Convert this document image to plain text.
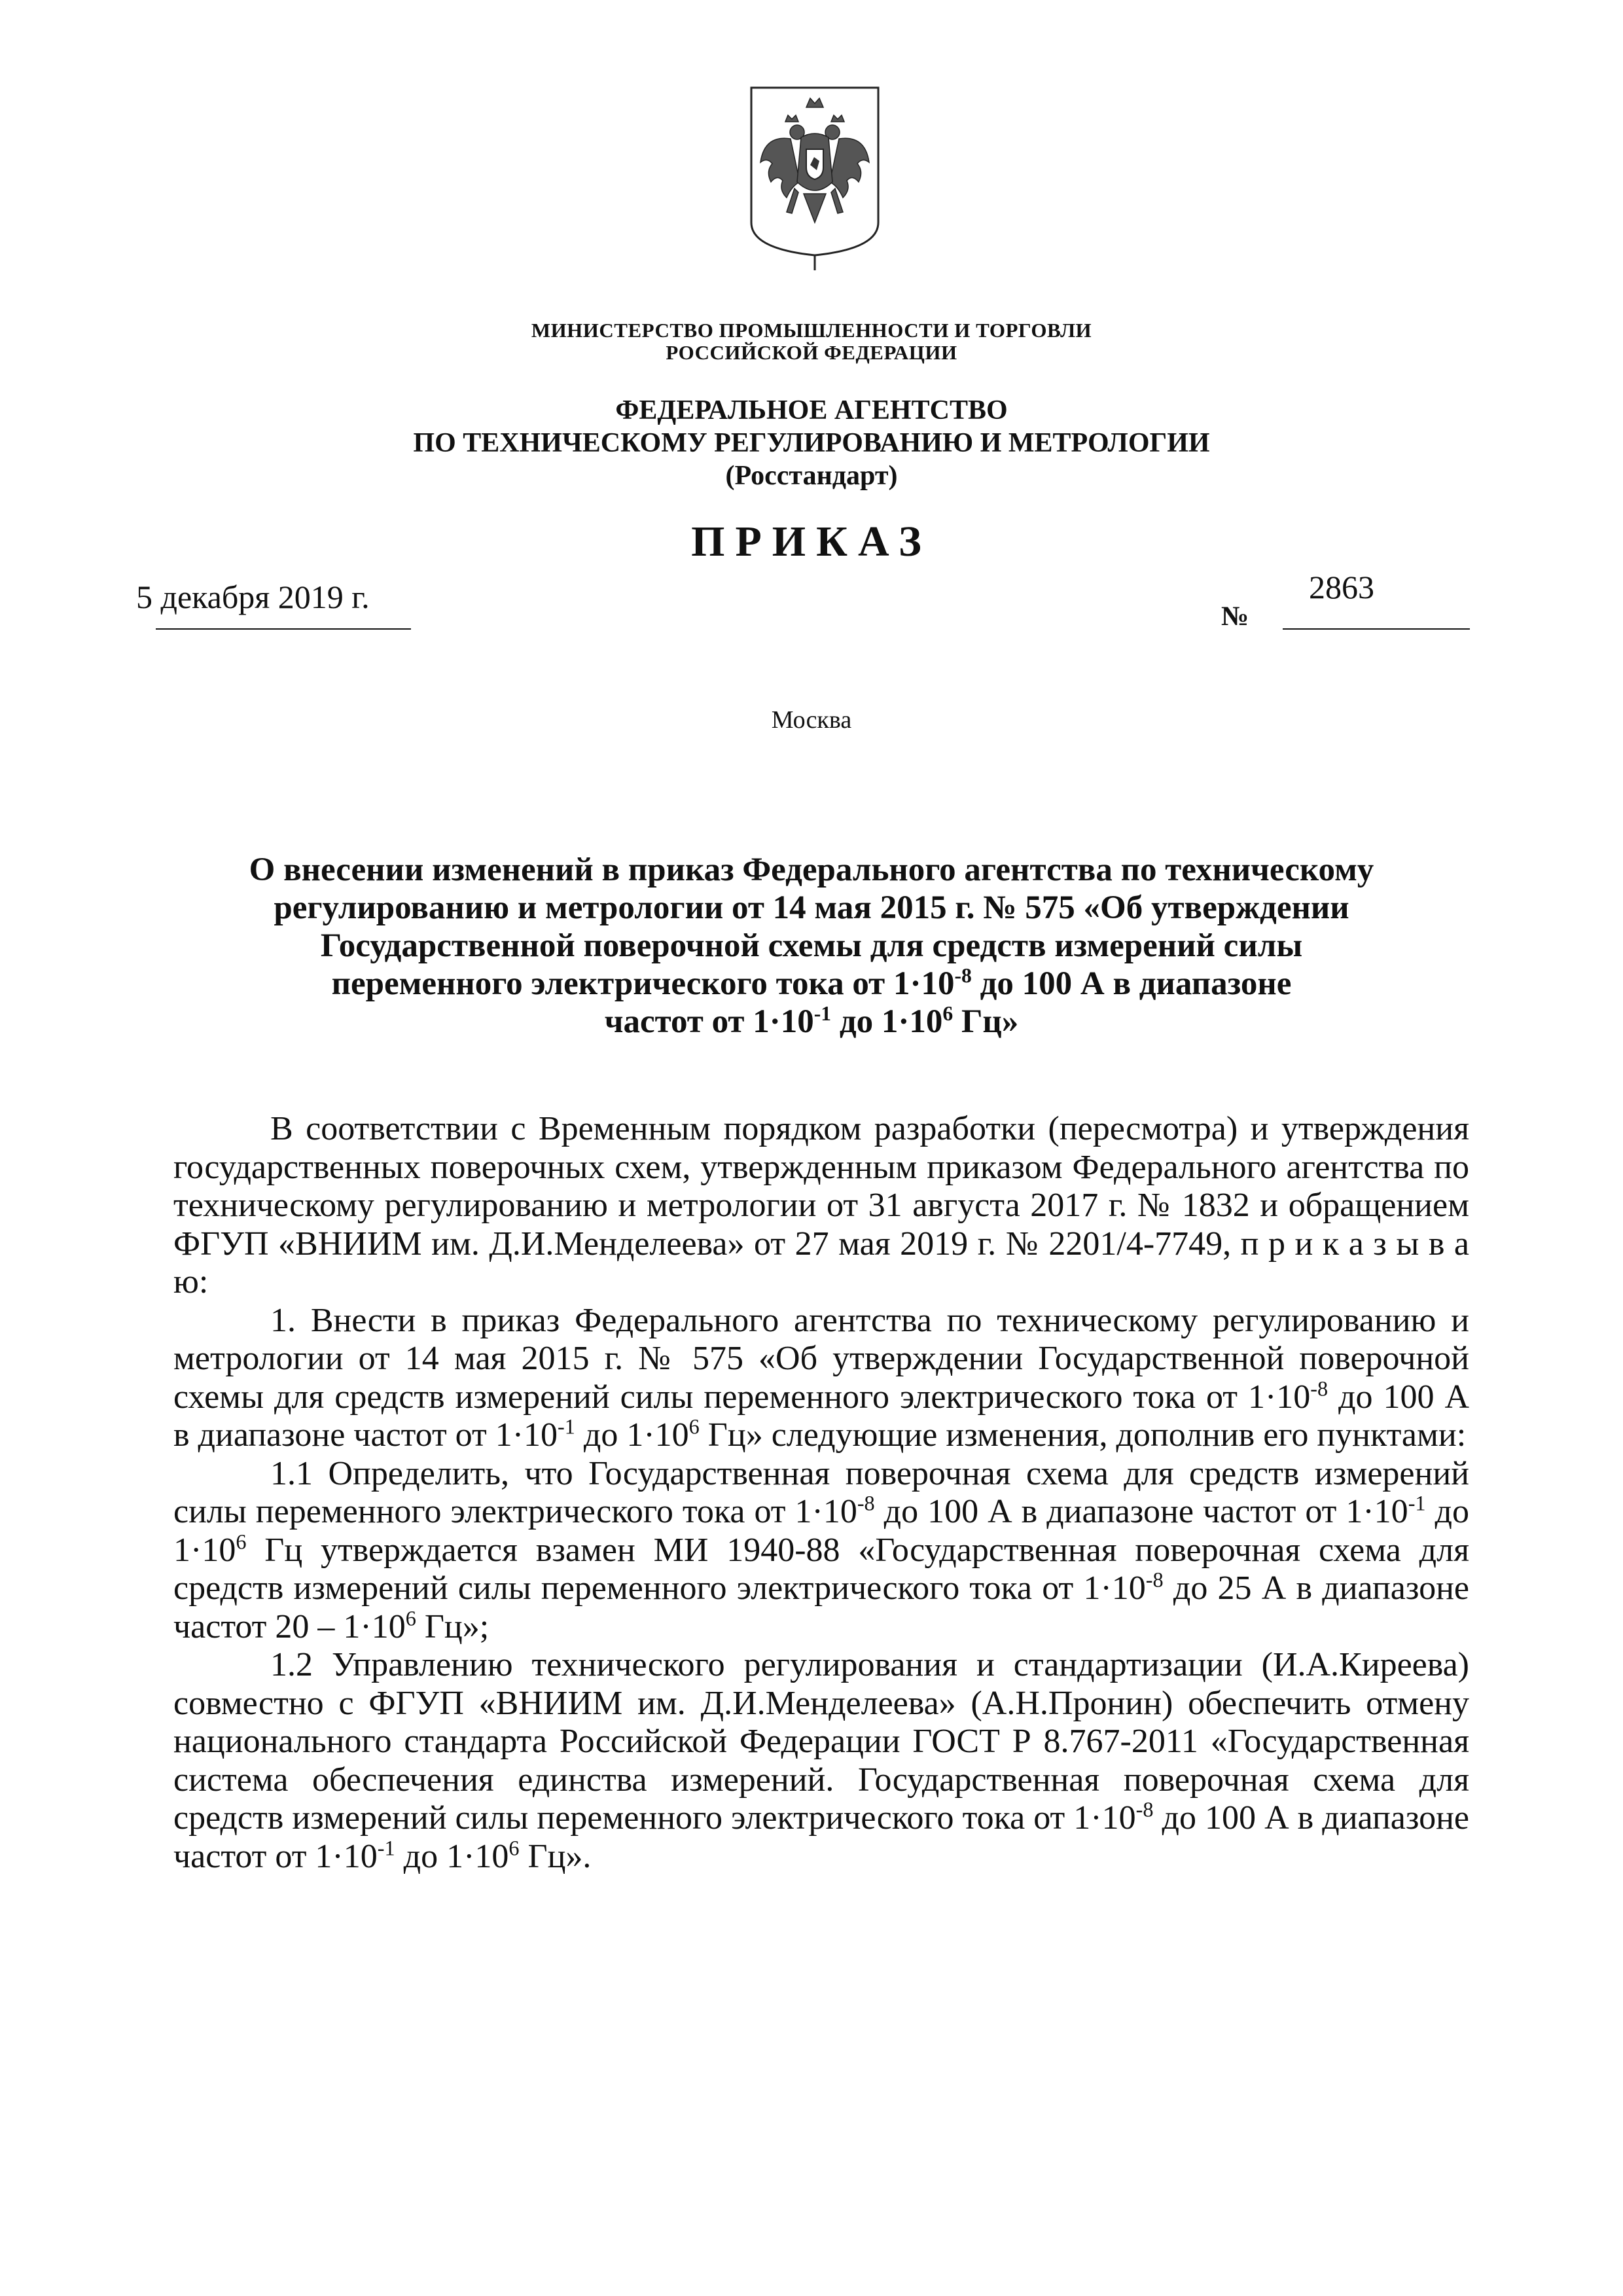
МИНИСТЕРСТВО ПРОМЫШЛЕННОСТИ И ТОРГОВЛИ
РОССИЙСКОЙ ФЕДЕРАЦИИ
ФЕДЕРАЛЬНОЕ АГЕНТСТВО
ПО ТЕХНИЧЕСКОМУ РЕГУЛИРОВАНИЮ И МЕТРОЛОГИИ
(Росстандарт)
ПРИКАЗ
5 декабря 2019 г.
№
2863
Москва
О внесении изменений в приказ Федерального агентства по техническому
регулированию и метрологии от 14 мая 2015 г. № 575 «Об утверждении
Государственной поверочной схемы для средств измерений силы
переменного электрического тока от $1\cdot 10^{-8}$ до 100 А в диапазоне
частот от $1\cdot 10^{-1}$ до $1\cdot 10^6$ Гц»

В соответствии с Временным порядком разработки (пересмотра) и утверждения государственных поверочных схем, утвержденным приказом Федерального агентства по техническому регулированию и метрологии от 31 августа 2017 г. № 1832 и обращением ФГУП «ВНИИМ им. Д.И.Менделеева» от 27 мая 2019 г. № 2201/4-7749, п р и к а з ы в а ю:

1. Внести в приказ Федерального агентства по техническому регулированию и метрологии от 14 мая 2015 г. № 575 «Об утверждении Государственной поверочной схемы для средств измерений силы переменного электрического тока от $1\cdot 10^{-8}$ до 100 А в диапазоне частот от $1\cdot 10^{-1}$ до $1\cdot 10^6$ Гц» следующие изменения, дополнив его пунктами:

1.1 Определить, что Государственная поверочная схема для средств измерений силы переменного электрического тока от $1\cdot 10^{-8}$ до 100 А в диапазоне частот от $1\cdot 10^{-1}$ до $1\cdot 10^6$ Гц утверждается взамен МИ 1940-88 «Государственная поверочная схема для средств измерений силы переменного электрического тока от $1\cdot 10^{-8}$ до 25 А в диапазоне частот $20 - 1\cdot 10^6$ Гц»;

1.2 Управлению технического регулирования и стандартизации (И.А.Киреева) совместно с ФГУП «ВНИИМ им. Д.И.Менделеева» (А.Н.Пронин) обеспечить отмену национального стандарта Российской Федерации ГОСТ Р 8.767-2011 «Государственная система обеспечения единства измерений. Государственная поверочная схема для средств измерений силы переменного электрического тока от $1\cdot 10^{-8}$ до 100 А в диапазоне частот от $1\cdot 10^{-1}$ до $1\cdot 10^6$ Гц».
